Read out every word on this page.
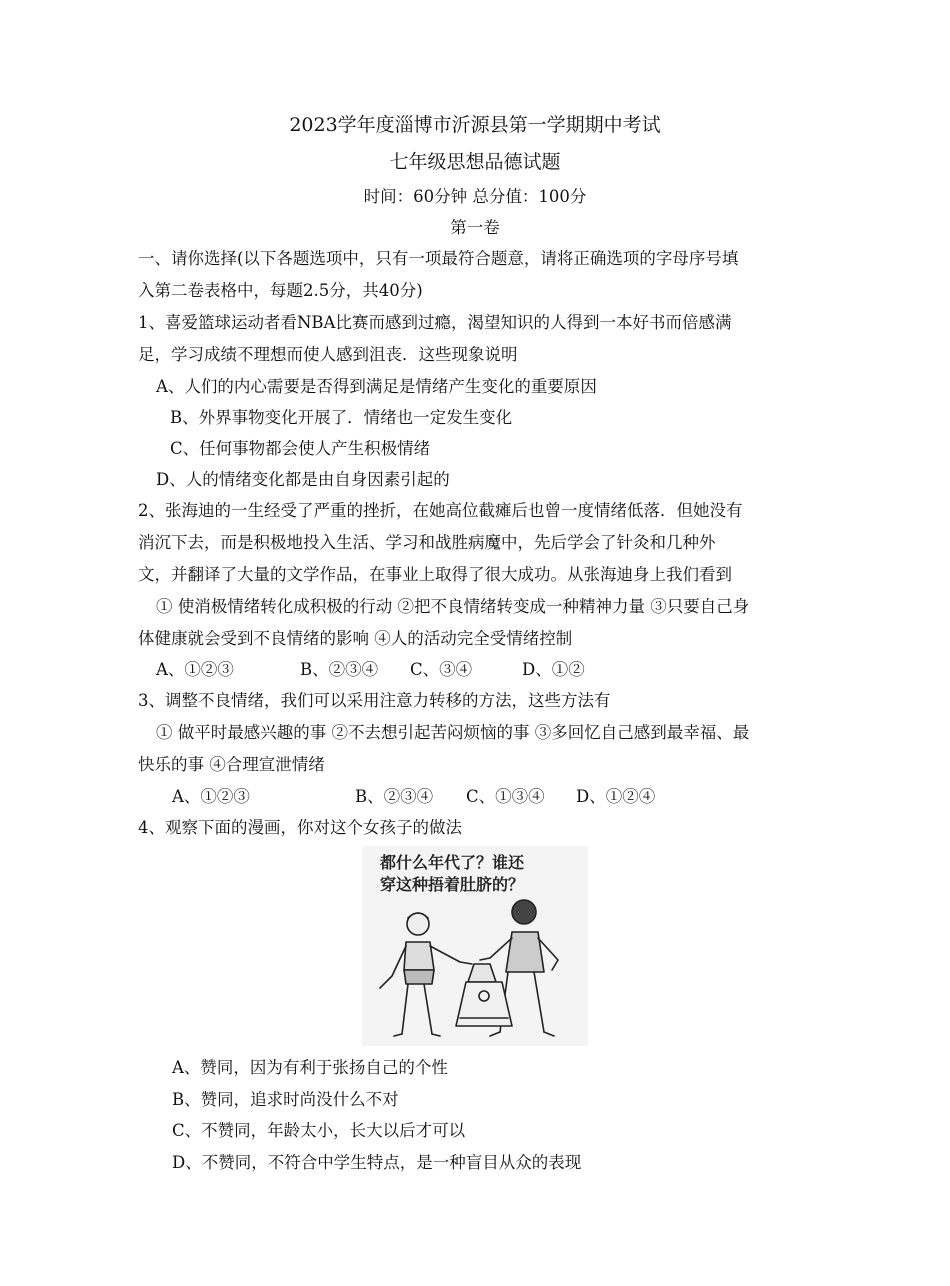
2023学年度淄博市沂源县第一学期期中考试
七年级思想品德试题
时间：60分钟 总分值：100分
第一卷
一、请你选择(以下各题选项中，只有一项最符合题意，请将正确选项的字母序号填
入第二卷表格中，每题2.5分，共40分)
1、喜爱篮球运动者看NBA比赛而感到过瘾，渴望知识的人得到一本好书而倍感满
足，学习成绩不理想而使人感到沮丧．这些现象说明
A、人们的内心需要是否得到满足是情绪产生变化的重要原因
B、外界事物变化开展了．情绪也一定发生变化
C、任何事物都会使人产生积极情绪
D、人的情绪变化都是由自身因素引起的
2、张海迪的一生经受了严重的挫折，在她高位截瘫后也曾一度情绪低落．但她没有
消沉下去，而是积极地投入生活、学习和战胜病魔中，先后学会了针灸和几种外
文，并翻译了大量的文学作品，在事业上取得了很大成功。从张海迪身上我们看到
① 使消极情绪转化成积极的行动 ②把不良情绪转变成一种精神力量 ③只要自己身
体健康就会受到不良情绪的影响 ④人的活动完全受情绪控制
A、①②③	B、②③④ C、③④	D、①②
3、调整不良情绪，我们可以采用注意力转移的方法，这些方法有
① 做平时最感兴趣的事 ②不去想引起苦闷烦恼的事 ③多回忆自己感到最幸福、最
快乐的事 ④合理宣泄情绪
A、①②③	B、②③④ C、①③④ D、①②④
4、观察下面的漫画，你对这个女孩子的做法
都什么年代了？谁还
穿这种捂着肚脐的？
A、赞同，因为有利于张扬自己的个性
B、赞同，追求时尚没什么不对
C、不赞同，年龄太小，长大以后才可以
D、不赞同，不符合中学生特点，是一种盲目从众的表现
